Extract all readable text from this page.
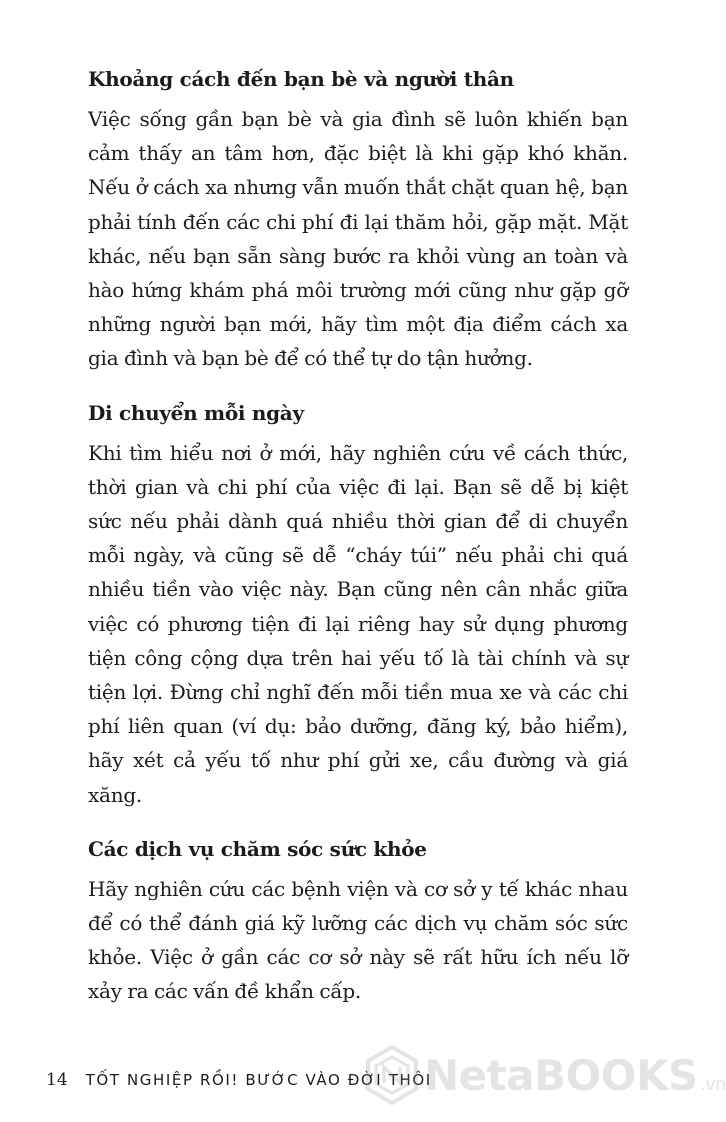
Khoảng cách đến bạn bè và người thân

Việc sống gần bạn bè và gia đình sẽ luôn khiến bạn cảm thấy an tâm hơn, đặc biệt là khi gặp khó khăn. Nếu ở cách xa nhưng vẫn muốn thắt chặt quan hệ, bạn phải tính đến các chi phí đi lại thăm hỏi, gặp mặt. Mặt khác, nếu bạn sẵn sàng bước ra khỏi vùng an toàn và hào hứng khám phá môi trường mới cũng như gặp gỡ những người bạn mới, hãy tìm một địa điểm cách xa gia đình và bạn bè để có thể tự do tận hưởng.

Di chuyển mỗi ngày

Khi tìm hiểu nơi ở mới, hãy nghiên cứu về cách thức, thời gian và chi phí của việc đi lại. Bạn sẽ dễ bị kiệt sức nếu phải dành quá nhiều thời gian để di chuyển mỗi ngày, và cũng sẽ dễ “cháy túi” nếu phải chi quá nhiều tiền vào việc này. Bạn cũng nên cân nhắc giữa việc có phương tiện đi lại riêng hay sử dụng phương tiện công cộng dựa trên hai yếu tố là tài chính và sự tiện lợi. Đừng chỉ nghĩ đến mỗi tiền mua xe và các chi phí liên quan (ví dụ: bảo dưỡng, đăng ký, bảo hiểm), hãy xét cả yếu tố như phí gửi xe, cầu đường và giá xăng.

Các dịch vụ chăm sóc sức khỏe

Hãy nghiên cứu các bệnh viện và cơ sở y tế khác nhau để có thể đánh giá kỹ lưỡng các dịch vụ chăm sóc sức khỏe. Việc ở gần các cơ sở này sẽ rất hữu ích nếu lỡ xảy ra các vấn đề khẩn cấp.

14 TỐT NGHIỆP RỒI! BƯỚC VÀO ĐỜI THÔI
NetaBOOKS .vn
